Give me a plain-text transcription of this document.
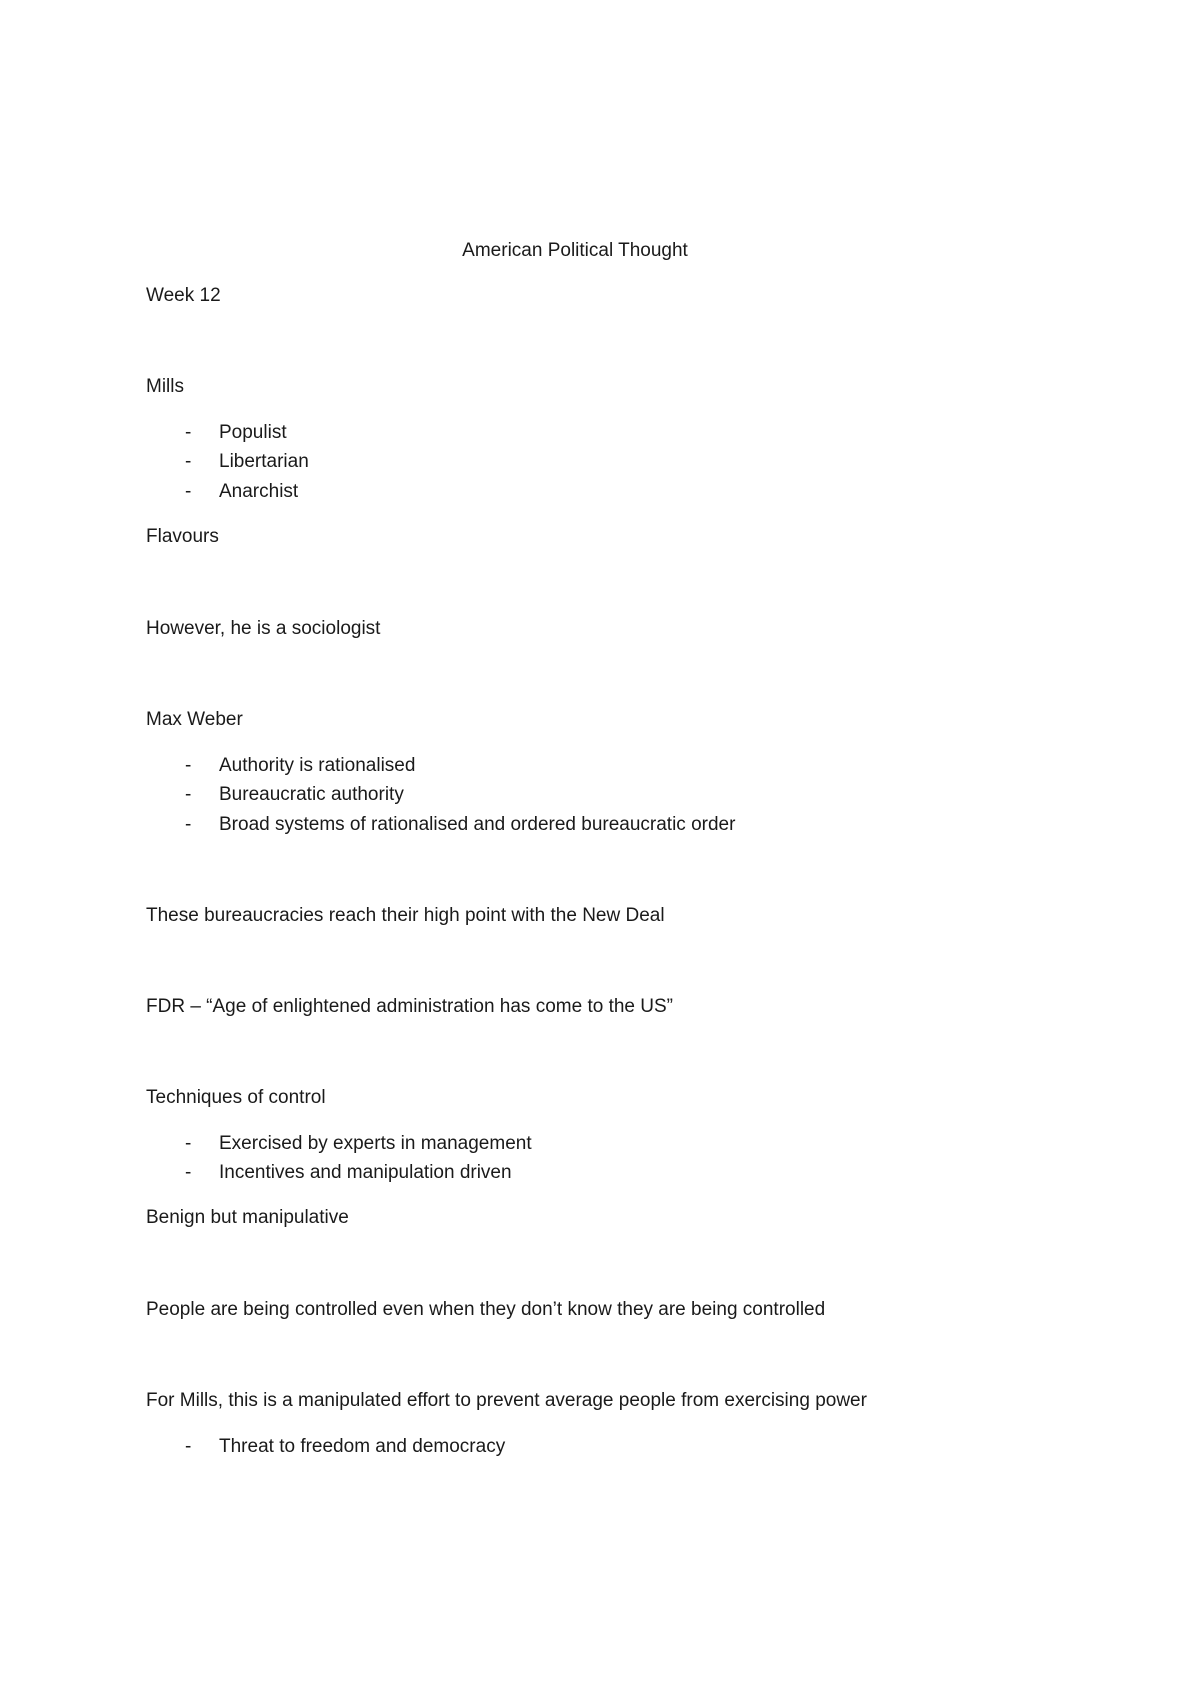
American Political Thought
Week 12
Mills
- Populist
- Libertarian
- Anarchist
Flavours
However, he is a sociologist
Max Weber
- Authority is rationalised
- Bureaucratic authority
- Broad systems of rationalised and ordered bureaucratic order
These bureaucracies reach their high point with the New Deal
FDR – “Age of enlightened administration has come to the US”
Techniques of control
- Exercised by experts in management
- Incentives and manipulation driven
Benign but manipulative
People are being controlled even when they don’t know they are being controlled
For Mills, this is a manipulated effort to prevent average people from exercising power
- Threat to freedom and democracy
